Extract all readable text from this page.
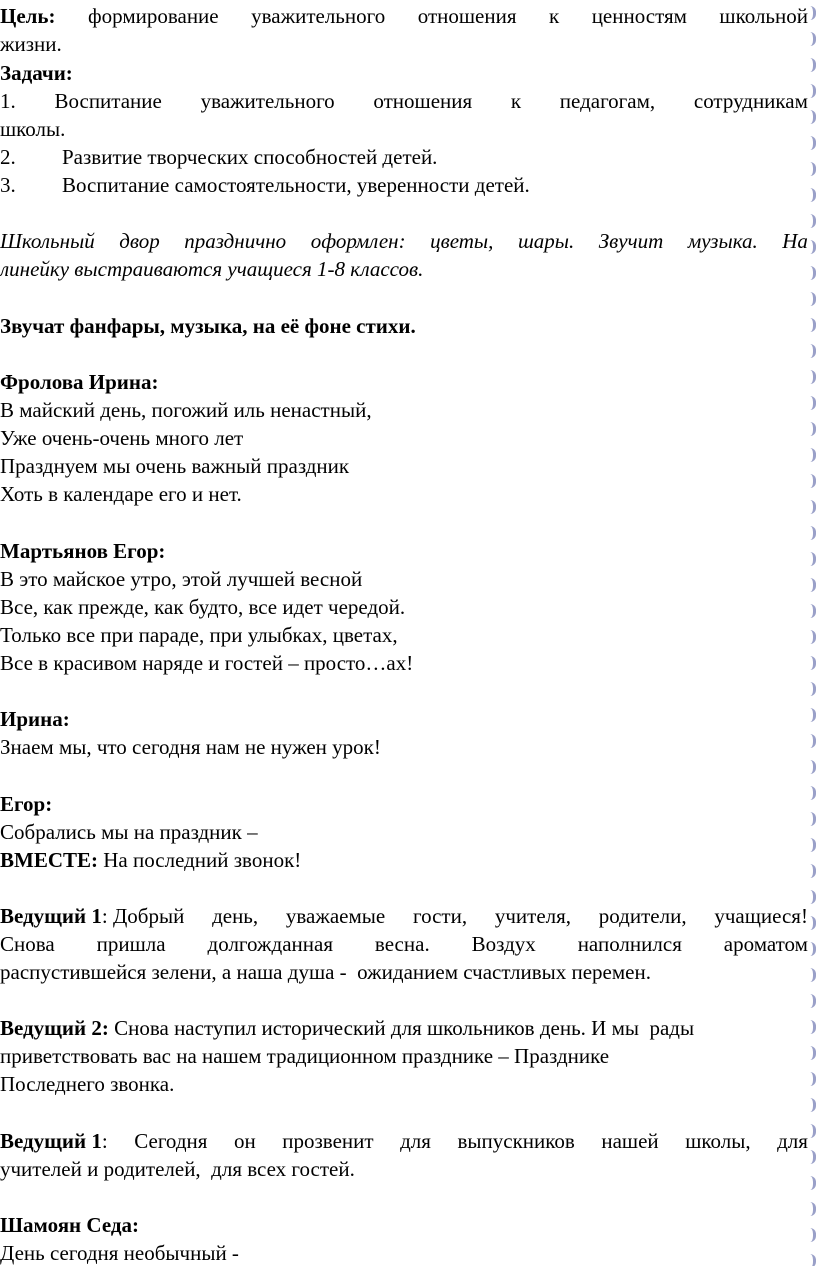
Цель: формирование уважительного отношения к ценностям школьной
жизни.
Задачи:
1. Воспитание уважительного отношения к педагогам, сотрудникам
школы.
2. Развитие творческих способностей детей.
3. Воспитание самостоятельности, уверенности детей.
Школьный двор празднично оформлен: цветы, шары. Звучит музыка. На
линейку выстраиваются учащиеся 1-8 классов.
Звучат фанфары, музыка, на её фоне стихи.
Фролова Ирина:
В майский день, погожий иль ненастный,
Уже очень-очень много лет
Празднуем мы очень важный праздник
Хоть в календаре его и нет.
Мартьянов Егор:
В это майское утро, этой лучшей весной
Все, как прежде, как будто, все идет чередой.
Только все при параде, при улыбках, цветах,
Все в красивом наряде и гостей – просто…ах!
Ирина:
Знаем мы, что сегодня нам не нужен урок!
Егор:
Собрались мы на праздник –
ВМЕСТЕ: На последний звонок!
Ведущий 1: Добрый день, уважаемые гости, учителя, родители, учащиеся!
Снова пришла долгожданная весна. Воздух наполнился ароматом
распустившейся зелени, а наша душа -  ожиданием счастливых перемен.
Ведущий 2: Снова наступил исторический для школьников день. И мы  рады
приветствовать вас на нашем традиционном празднике – Празднике
Последнего звонка.
Ведущий 1: Сегодня он прозвенит для выпускников нашей школы, для
учителей и родителей,  для всех гостей.
Шамоян Седа:
День сегодня необычный -
